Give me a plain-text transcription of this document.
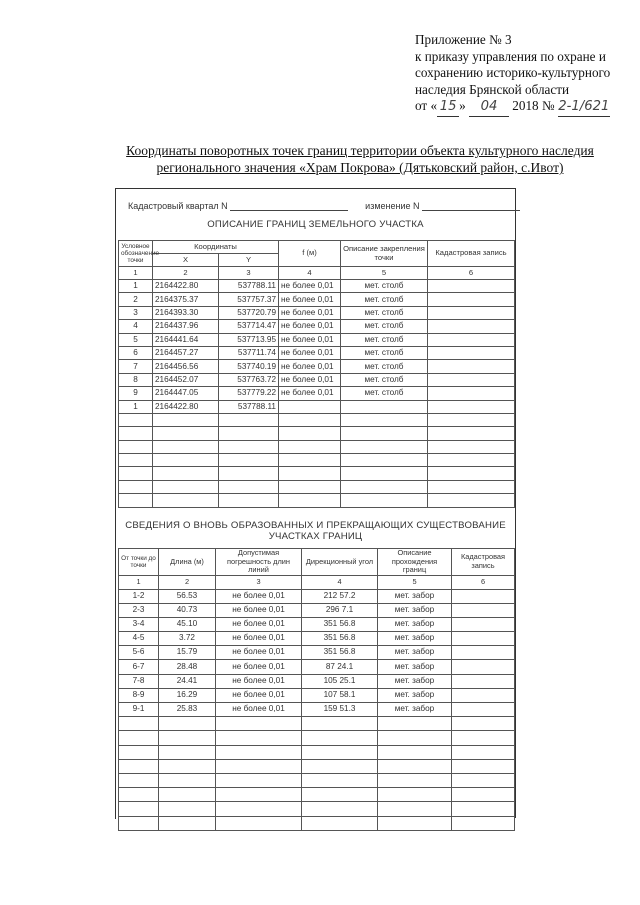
Приложение № 3
к приказу управления по охране и
сохранению историко-культурного
наследия Брянской области
от « 15 » 04 2018 № 2-1/621
Координаты поворотных точек границ территории объекта культурного наследия
регионального значения «Храм Покрова» (Дятьковский район, с.Ивот)
Кадастровый квартал N	изменение N
ОПИСАНИЕ ГРАНИЦ ЗЕМЕЛЬНОГО УЧАСТКА
Условное обозначение точки	Координаты		f (м)	Описание закрепления точки	Кадастровая запись
	X	Y			
1	2	3	4	5	6
1	2164422.80	537788.11	не более 0,01	мет. столб	
2	2164375.37	537757.37	не более 0,01	мет. столб	
3	2164393.30	537720.79	не более 0,01	мет. столб	
4	2164437.96	537714.47	не более 0,01	мет. столб	
5	2164441.64	537713.95	не более 0,01	мет. столб	
6	2164457.27	537711.74	не более 0,01	мет. столб	
7	2164456.56	537740.19	не более 0,01	мет. столб	
8	2164452.07	537763.72	не более 0,01	мет. столб	
9	2164447.05	537779.22	не более 0,01	мет. столб	
1	2164422.80	537788.11			

СВЕДЕНИЯ О ВНОВЬ ОБРАЗОВАННЫХ И ПРЕКРАЩАЮЩИХ СУЩЕСТВОВАНИЕ УЧАСТКАХ ГРАНИЦ
От точки до точки	Длина (м)	Допустимая погрешность длин линий	Дирекционный угол	Описание прохождения границ	Кадастровая запись
1	2	3	4	5	6
1-2	56.53	не более 0,01	212 57.2	мет. забор	
2-3	40.73	не более 0,01	296 7.1	мет. забор	
3-4	45.10	не более 0,01	351 56.8	мет. забор	
4-5	3.72	не более 0,01	351 56.8	мет. забор	
5-6	15.79	не более 0,01	351 56.8	мет. забор	
6-7	28.48	не более 0,01	87 24.1	мет. забор	
7-8	24.41	не более 0,01	105 25.1	мет. забор	
8-9	16.29	не более 0,01	107 58.1	мет. забор	
9-1	25.83	не более 0,01	159 51.3	мет. забор	
